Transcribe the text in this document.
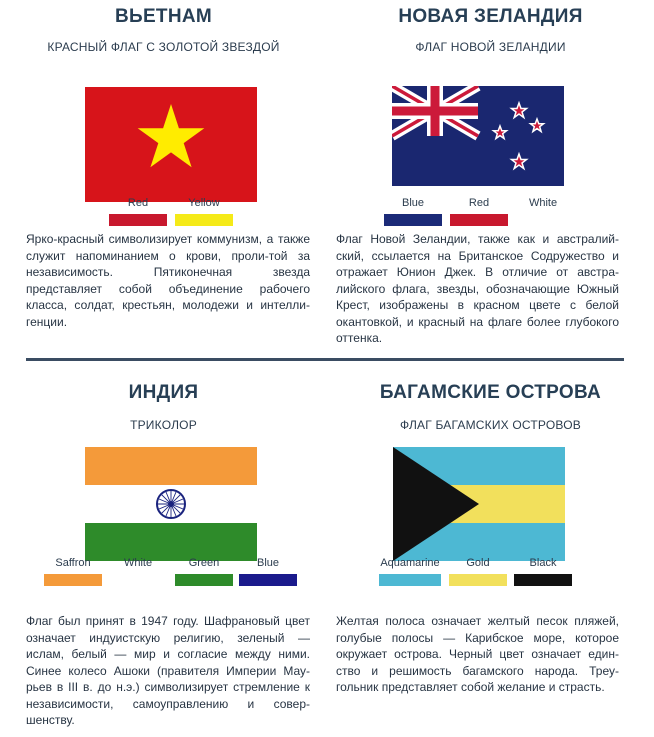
ВЬЕТНАМ
КРАСНЫЙ ФЛАГ С ЗОЛОТОЙ ЗВЕЗДОЙ
Red	Yellow
Ярко-красный символизирует коммунизм, а также служит напоминанием о крови, проли-той за независимость. Пятиконечная звезда представляет собой объединение рабочего класса, солдат, крестьян, молодежи и интелли-генции.
НОВАЯ ЗЕЛАНДИЯ
ФЛАГ НОВОЙ ЗЕЛАНДИИ
Blue	Red	White
Флаг Новой Зеландии, также как и австралий-ский, ссылается на Британское Содружество и отражает Юнион Джек. В отличие от австра-лийского флага, звезды, обозначающие Южный Крест, изображены в красном цвете с белой окантовкой, и красный на флаге более глубокого оттенка.
ИНДИЯ
ТРИКОЛОР
Saffron	White	Green	Blue
Флаг был принят в 1947 году. Шафрановый цвет означает индуистскую религию, зеленый — ислам, белый — мир и согласие между ними. Синее колесо Ашоки (правителя Империи Мау-рьев в III в. до н.э.) символизирует стремление к независимости, самоуправлению и совер-шенству.
БАГАМСКИЕ ОСТРОВА
ФЛАГ БАГАМСКИХ ОСТРОВОВ
Aquamarine	Gold	Black
Желтая полоса означает желтый песок пляжей, голубые полосы — Карибское море, которое окружает острова. Черный цвет означает един-ство и решимость багамского народа. Треу-гольник представляет собой желание и страсть.
